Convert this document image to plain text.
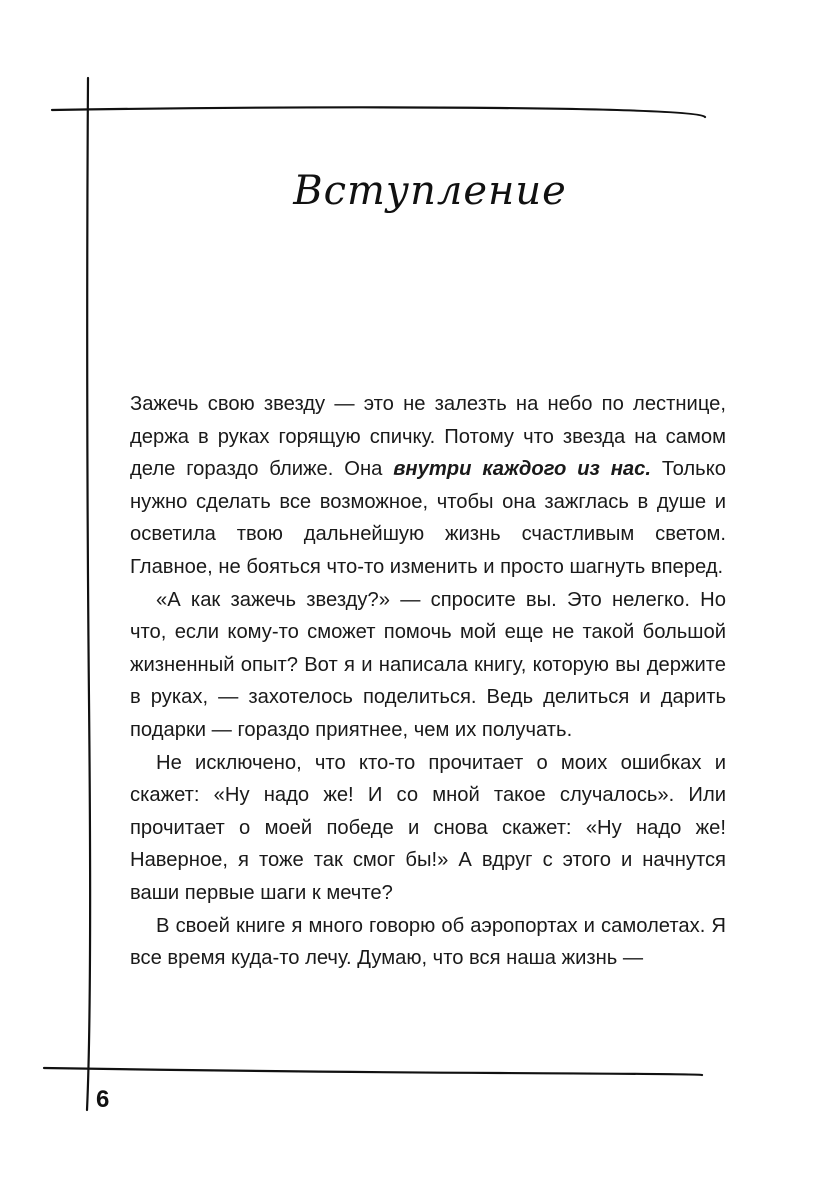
Вступление

Зажечь свою звезду — это не залезть на небо по лестнице, держа в руках горящую спичку. Потому что звезда на самом деле гораздо ближе. Она внутри каждого из нас. Только нужно сделать все возможное, чтобы она зажглась в душе и осветила твою дальнейшую жизнь счастливым светом. Главное, не бояться что-то изменить и просто шагнуть вперед.

«А как зажечь звезду?» — спросите вы. Это нелегко. Но что, если кому-то сможет помочь мой еще не такой большой жизненный опыт? Вот я и написала книгу, которую вы держите в руках, — захотелось поделиться. Ведь делиться и дарить подарки — гораздо приятнее, чем их получать.

Не исключено, что кто-то прочитает о моих ошибках и скажет: «Ну надо же! И со мной такое случалось». Или прочитает о моей победе и снова скажет: «Ну надо же! Наверное, я тоже так смог бы!» А вдруг с этого и начнутся ваши первые шаги к мечте?

В своей книге я много говорю об аэропортах и самолетах. Я все время куда-то лечу. Думаю, что вся наша жизнь —

6
